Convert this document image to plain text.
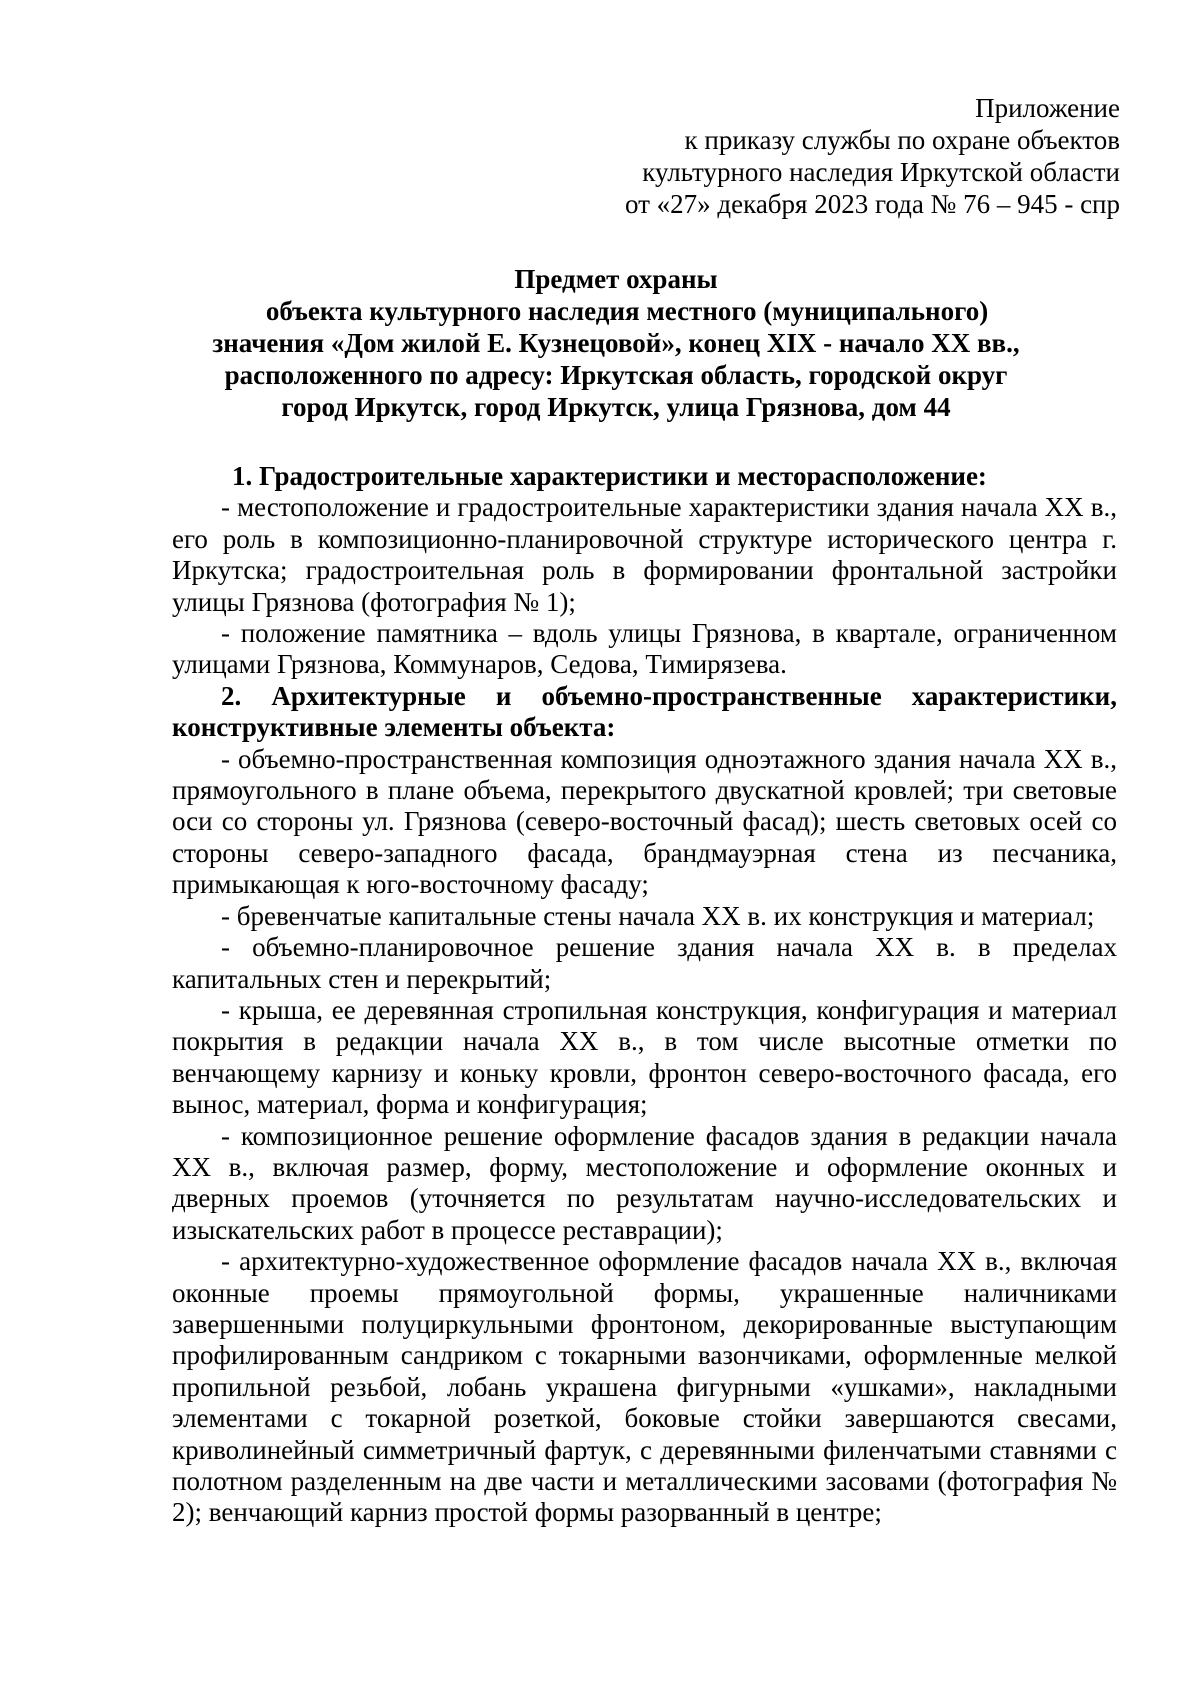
Приложение
к приказу службы по охране объектов
культурного наследия Иркутской области
от «27» декабря 2023 года № 76 – 945 - спр
Предмет охраны
объекта культурного наследия местного (муниципального)
значения «Дом жилой Е. Кузнецовой», конец XIX - начало XX вв.,
расположенного по адресу: Иркутская область, городской округ
город Иркутск, город Иркутск, улица Грязнова, дом 44

1. Градостроительные характеристики и месторасположение:

- местоположение и градостроительные характеристики здания начала ХХ в., его роль в композиционно-планировочной структуре исторического центра г. Иркутска; градостроительная роль в формировании фронтальной застройки улицы Грязнова (фотография № 1);

- положение памятника – вдоль улицы Грязнова, в квартале, ограниченном улицами Грязнова, Коммунаров, Седова, Тимирязева.

2. Архитектурные и объемно-пространственные характеристики, конструктивные элементы объекта:

- объемно-пространственная композиция одноэтажного здания начала ХХ в., прямоугольного в плане объема, перекрытого двускатной кровлей; три световые оси со стороны ул. Грязнова (северо-восточный фасад); шесть световых осей со стороны северо-западного фасада, брандмауэрная стена из песчаника, примыкающая к юго-восточному фасаду;

- бревенчатые капитальные стены начала ХХ в. их конструкция и материал;

- объемно-планировочное решение здания начала ХХ в. в пределах капитальных стен и перекрытий;

- крыша, ее деревянная стропильная конструкция, конфигурация и материал покрытия в редакции начала ХХ в., в том числе высотные отметки по венчающему карнизу и коньку кровли, фронтон северо-восточного фасада, его вынос, материал, форма и конфигурация;

- композиционное решение оформление фасадов здания в редакции начала ХХ в., включая размер, форму, местоположение и оформление оконных и дверных проемов (уточняется по результатам научно-исследовательских и изыскательских работ в процессе реставрации);

- архитектурно-художественное оформление фасадов начала ХХ в., включая оконные проемы прямоугольной формы, украшенные наличниками завершенными полуциркульными фронтоном, декорированные выступающим профилированным сандриком с токарными вазончиками, оформленные мелкой пропильной резьбой, лобань украшена фигурными «ушками», накладными элементами с токарной розеткой, боковые стойки завершаются свесами, криволинейный симметричный фартук, с деревянными филенчатыми ставнями с полотном разделенным на две части и металлическими засовами (фотография № 2); венчающий карниз простой формы разорванный в центре;
